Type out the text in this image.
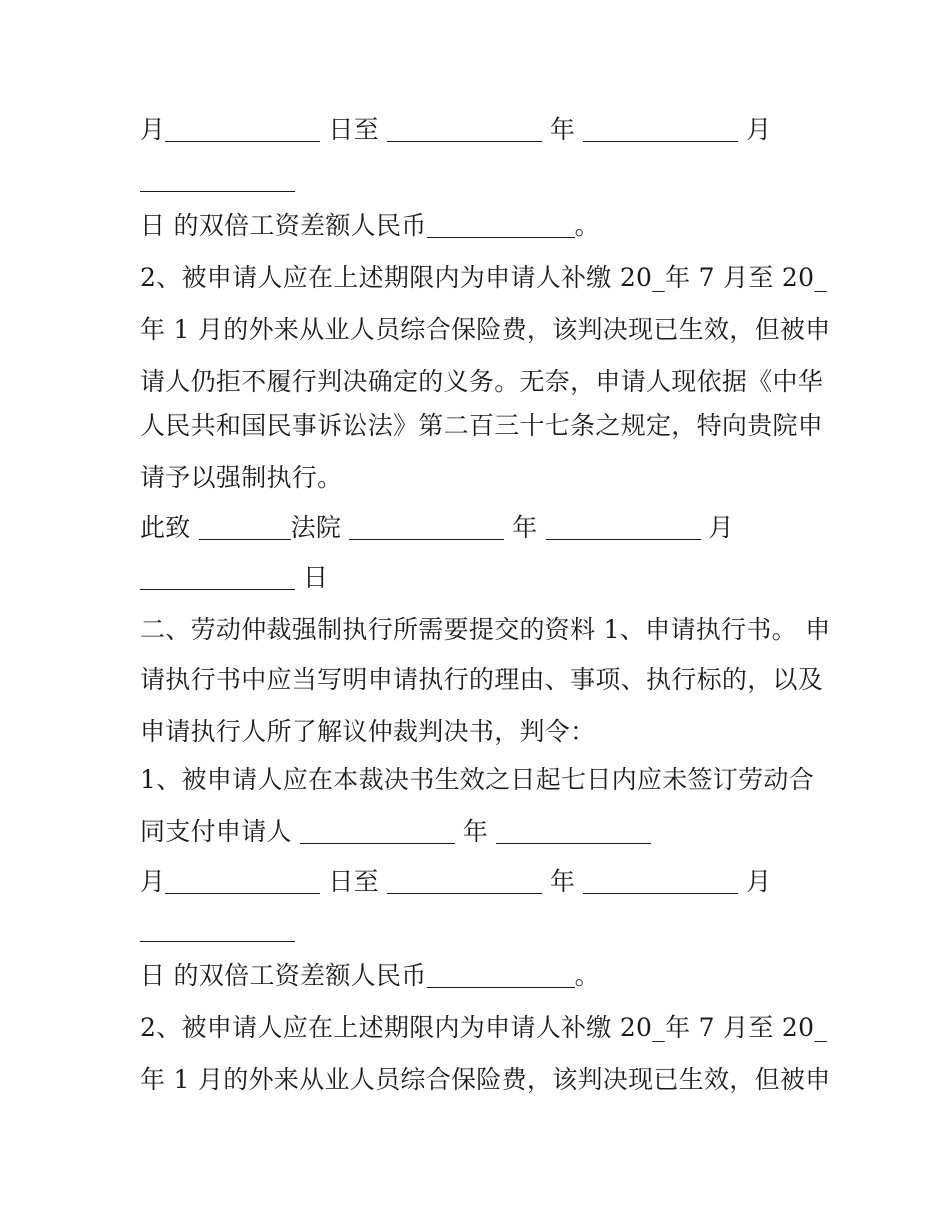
月	日至	年	月
日 的双倍工资差额人民币	。
2、被申请人应在上述期限内为申请人补缴 20_年 7 月至 20_
年 1 月的外来从业人员综合保险费，该判决现已生效，但被申
请人仍拒不履行判决确定的义务。无奈，申请人现依据《中华
人民共和国民事诉讼法》第二百三十七条之规定，特向贵院申
请予以强制执行。
此致	法院	年	月
日
二、劳动仲裁强制执行所需要提交的资料 1、申请执行书。 申
请执行书中应当写明申请执行的理由、事项、执行标的，以及
申请执行人所了解议仲裁判决书，判令：
1、被申请人应在本裁决书生效之日起七日内应未签订劳动合
同支付申请人	年
月	日至	年	月
日 的双倍工资差额人民币	。
2、被申请人应在上述期限内为申请人补缴 20_年 7 月至 20_
年 1 月的外来从业人员综合保险费，该判决现已生效，但被申
